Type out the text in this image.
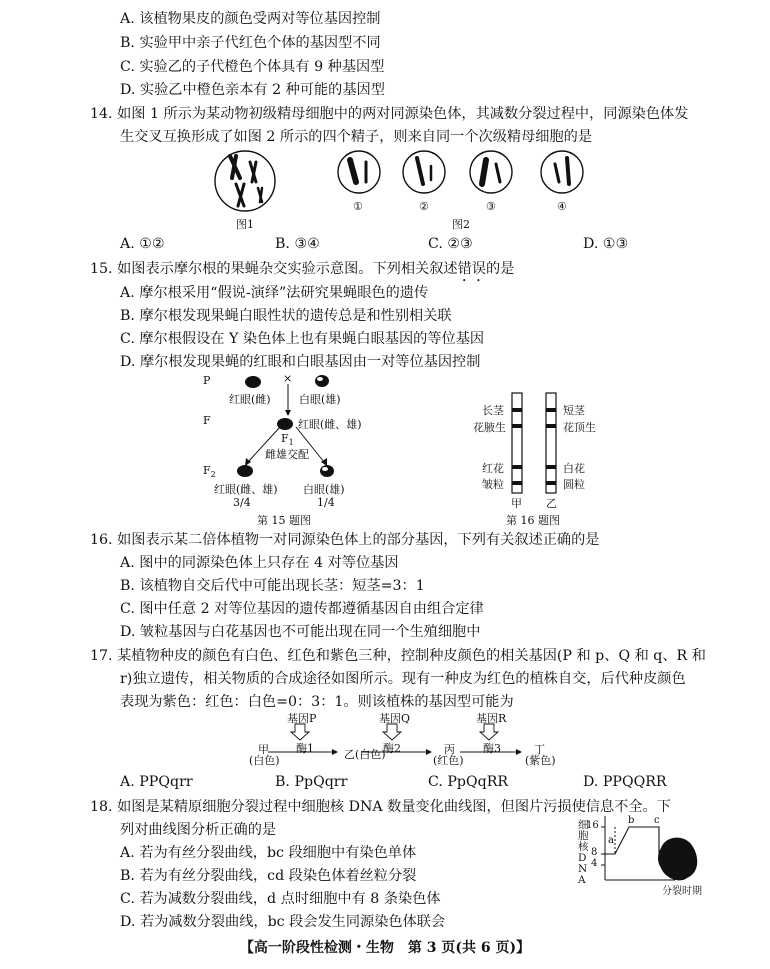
A. 该植物果皮的颜色受两对等位基因控制
B. 实验甲中亲子代红色个体的基因型不同
C. 实验乙的子代橙色个体具有 9 种基因型
D. 实验乙中橙色亲本有 2 种可能的基因型
14. 如图 1 所示为某动物初级精母细胞中的两对同源染色体，其减数分裂过程中，同源染色体发
生交叉互换形成了如图 2 所示的四个精子，则来自同一个次级精母细胞的是
图1
①	②	③	④
图2
A. ①②	B. ③④	C. ②③	D. ①③
15. 如图表示摩尔根的果蝇杂交实验示意图。下列相关叙述错误的是
A. 摩尔根采用“假说-演绎”法研究果蝇眼色的遗传
B. 摩尔根发现果蝇白眼性状的遗传总是和性别相关联
C. 摩尔根假设在 Y 染色体上也有果蝇白眼基因的等位基因
D. 摩尔根发现果蝇的红眼和白眼基因由一对等位基因控制
P	×
红眼(雌)	白眼(雄)
F	红眼(雌、雄)
$F_1$
雌雄交配
$F_2$
红眼(雌、雄) 白眼(雄)
3/4	1/4
第 15 题图
长茎
花腋生
红花
皱粒
短茎
花顶生
白花
圆粒
甲 乙
第 16 题图
16. 如图表示某二倍体植物一对同源染色体上的部分基因，下列有关叙述正确的是
A. 图中的同源染色体上只存在 4 对等位基因
B. 该植物自交后代中可能出现长茎：短茎=3：1
C. 图中任意 2 对等位基因的遗传都遵循基因自由组合定律
D. 皱粒基因与白花基因也不可能出现在同一个生殖细胞中
17. 某植物种皮的颜色有白色、红色和紫色三种，控制种皮颜色的相关基因(P 和 p、Q 和 q、R 和
r)独立遗传，相关物质的合成途径如图所示。现有一种皮为红色的植株自交，后代种皮颜色
表现为紫色：红色：白色=0：3：1。则该植株的基因型可能为
基因P	基因Q	基因R
酶1	酶2	酶3
甲
(白色)	乙(白色)	丙
(红色)
丁
(紫色)
A. PPQqrr	B. PpQqrr	C. PpQqRR	D. PPQQRR
18. 如图是某精原细胞分裂过程中细胞核 DNA 数量变化曲线图，但图片污损使信息不全。下
列对曲线图分析正确的是
A. 若为有丝分裂曲线，bc 段细胞中有染色单体
B. 若为有丝分裂曲线，cd 段染色体着丝粒分裂
C. 若为减数分裂曲线，d 点时细胞中有 8 条染色体
D. 若为减数分裂曲线，bc 段会发生同源染色体联会
细胞核DNA
16
8
4
a
b c
d
分裂时期
【高一阶段性检测・生物　第 3 页(共 6 页)】
